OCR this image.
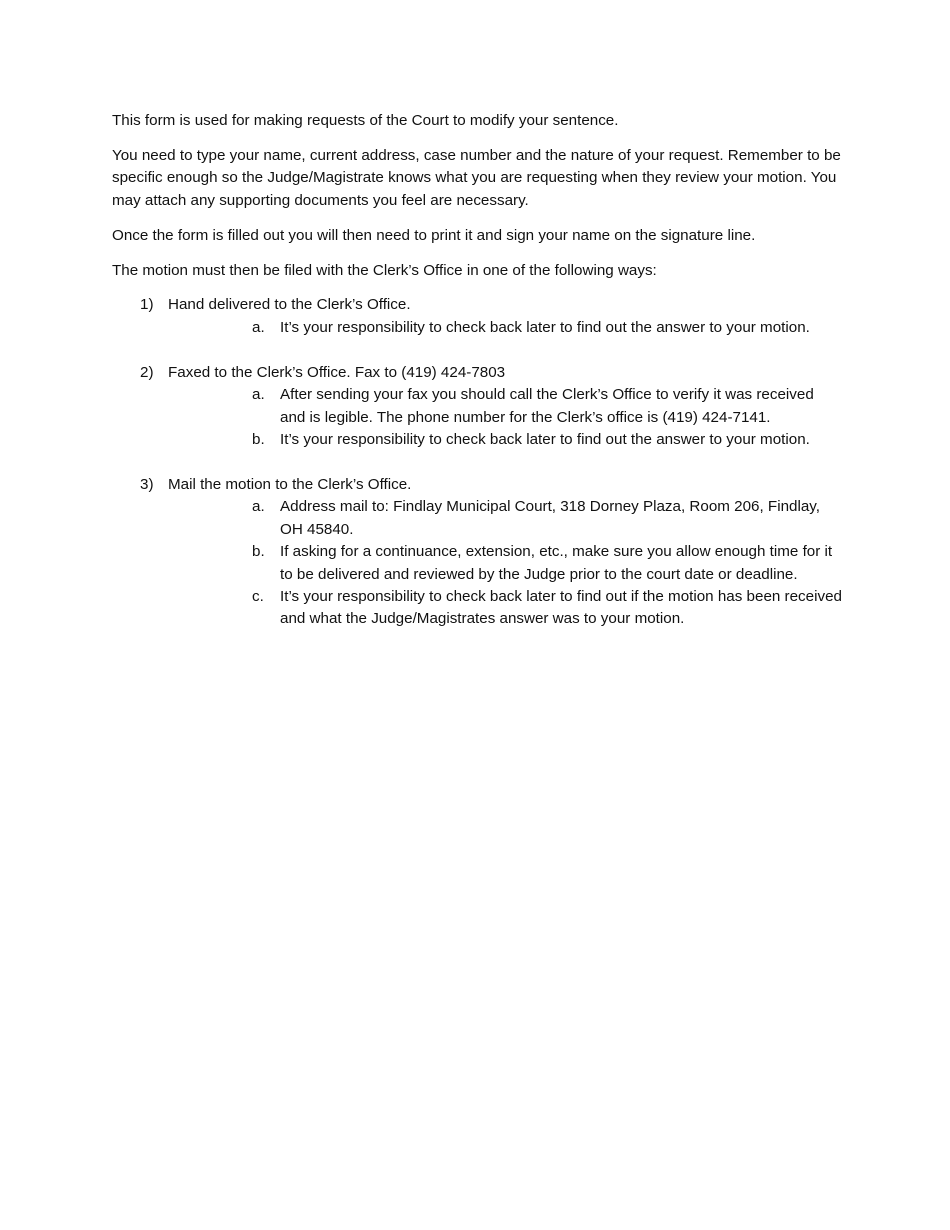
This form is used for making requests of the Court to modify your sentence.

You need to type your name, current address, case number and the nature of your request. Remember to be specific enough so the Judge/Magistrate knows what you are requesting when they review your motion. You may attach any supporting documents you feel are necessary.

Once the form is filled out you will then need to print it and sign your name on the signature line.

The motion must then be filed with the Clerk’s Office in one of the following ways:

1) Hand delivered to the Clerk’s Office.
a. It’s your responsibility to check back later to find out the answer to your motion.
2) Faxed to the Clerk’s Office. Fax to (419) 424-7803
a. After sending your fax you should call the Clerk’s Office to verify it was received and is legible. The phone number for the Clerk’s office is (419) 424-7141.
b. It’s your responsibility to check back later to find out the answer to your motion.
3) Mail the motion to the Clerk’s Office.
a. Address mail to: Findlay Municipal Court, 318 Dorney Plaza, Room 206, Findlay, OH 45840.
b. If asking for a continuance, extension, etc., make sure you allow enough time for it to be delivered and reviewed by the Judge prior to the court date or deadline.
c. It’s your responsibility to check back later to find out if the motion has been received and what the Judge/Magistrates answer was to your motion.
